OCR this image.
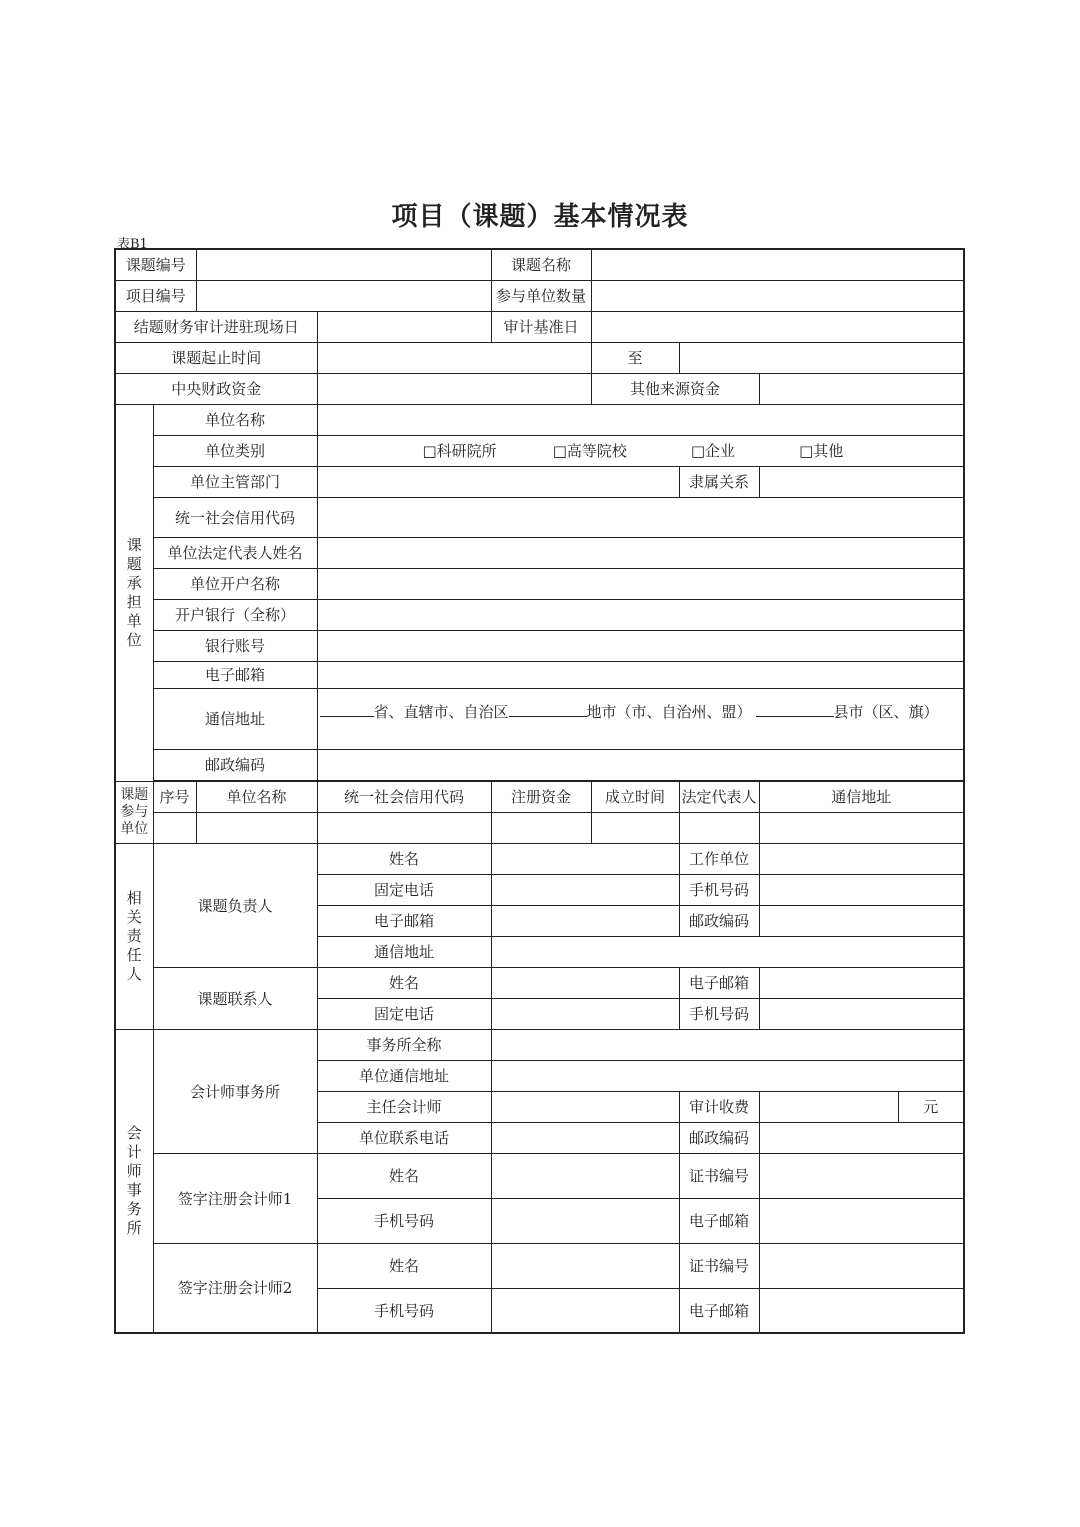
项目（课题）基本情况表
表B1
课题编号				课题名称				
项目编号				参与单位数量				
结题财务审计进驻现场日				审计基准日				
课题起止时间					至			
中央财政资金					其他来源资金			
课题承担单位	单位名称							
	单位类别		□科研院所 □高等院校 □企业 □其他					
	单位主管部门					隶属关系		
	统一社会信用代码							
	单位法定代表人姓名							
	单位开户名称							
	开户银行（全称）							
	银行账号							
	电子邮箱							
	通信地址		省、直辖市、自治区 地市（市、自治州、盟） 县市（区、旗）					
	邮政编码							

课题参与单位	序号	单位名称	统一社会信用代码	注册资金	成立时间	法定代表人	通信地址	

相关责任人	课题负责人		姓名			工作单位		
			固定电话			手机号码		
			电子邮箱			邮政编码		
			通信地址					
	课题联系人		姓名			电子邮箱		
			固定电话			手机号码		
会计师事务所	会计师事务所		事务所全称					
			单位通信地址					
			主任会计师			审计收费		元
			单位联系电话			邮政编码		
	签字注册会计师1		姓名			证书编号		
			手机号码			电子邮箱		
	签字注册会计师2		姓名			证书编号		
			手机号码			电子邮箱		
